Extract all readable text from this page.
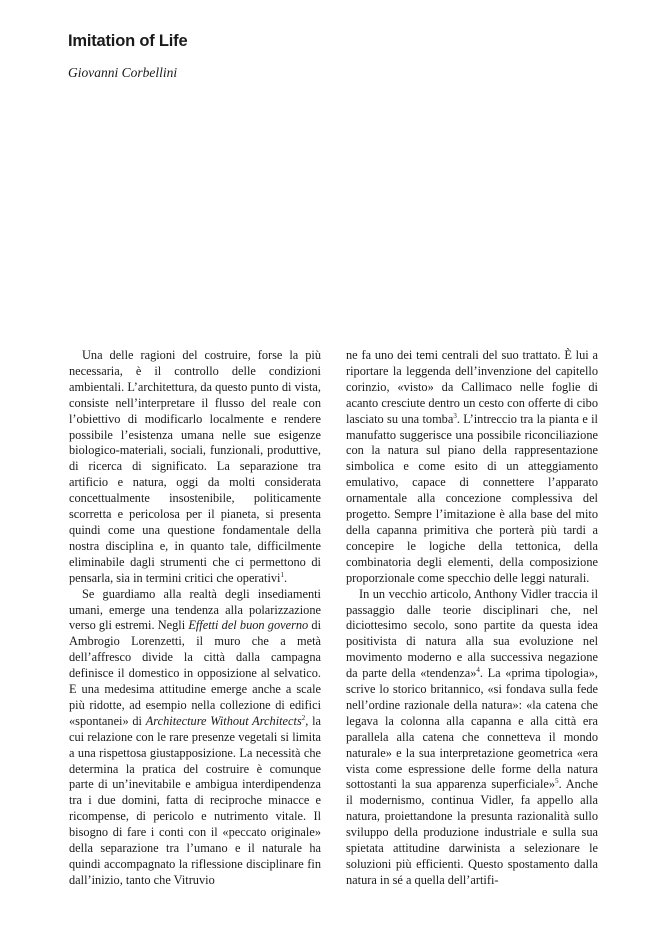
Imitation of Life

Giovanni Corbellini

Una delle ragioni del costruire, forse la più necessaria, è il controllo delle condizioni ambientali. L’architettura, da questo punto di vista, consiste nell’interpretare il flusso del reale con l’obiettivo di modificarlo localmente e rendere possibile l’esistenza umana nelle sue esigenze biologico-materiali, sociali, funzionali, produttive, di ricerca di significato. La separazione tra artificio e natura, oggi da molti considerata concettualmente insostenibile, politicamente scorretta e pericolosa per il pianeta, si presenta quindi come una questione fondamentale della nostra disciplina e, in quanto tale, difficilmente eliminabile dagli strumenti che ci permettono di pensarla, sia in termini critici che operativi$^1$.

Se guardiamo alla realtà degli insediamenti umani, emerge una tendenza alla polarizzazione verso gli estremi. Negli Effetti del buon governo di Ambrogio Lorenzetti, il muro che a metà dell’affresco divide la città dalla campagna definisce il domestico in opposizione al selvatico. E una medesima attitudine emerge anche a scale più ridotte, ad esempio nella collezione di edifici «spontanei» di Architecture Without Architects$^2$, la cui relazione con le rare presenze vegetali si limita a una rispettosa giustapposizione. La necessità che determina la pratica del costruire è comunque parte di un’inevitabile e ambigua interdipendenza tra i due domini, fatta di reciproche minacce e ricompense, di pericolo e nutrimento vitale. Il bisogno di fare i conti con il «peccato originale» della separazione tra l’umano e il naturale ha quindi accompagnato la riflessione disciplinare fin dall’inizio, tanto che Vitruvio

ne fa uno dei temi centrali del suo trattato. È lui a riportare la leggenda dell’invenzione del capitello corinzio, «visto» da Callimaco nelle foglie di acanto cresciute dentro un cesto con offerte di cibo lasciato su una tomba$^3$. L’intreccio tra la pianta e il manufatto suggerisce una possibile riconciliazione con la natura sul piano della rappresentazione simbolica e come esito di un atteggiamento emulativo, capace di connettere l’apparato ornamentale alla concezione complessiva del progetto. Sempre l’imitazione è alla base del mito della capanna primitiva che porterà più tardi a concepire le logiche della tettonica, della combinatoria degli elementi, della composizione proporzionale come specchio delle leggi naturali.

In un vecchio articolo, Anthony Vidler traccia il passaggio dalle teorie disciplinari che, nel diciottesimo secolo, sono partite da questa idea positivista di natura alla sua evoluzione nel movimento moderno e alla successiva negazione da parte della «tendenza»$^4$. La «prima tipologia», scrive lo storico britannico, «si fondava sulla fede nell’ordine razionale della natura»: «la catena che legava la colonna alla capanna e alla città era parallela alla catena che connetteva il mondo naturale» e la sua interpretazione geometrica «era vista come espressione delle forme della natura sottostanti la sua apparenza superficiale»$^5$. Anche il modernismo, continua Vidler, fa appello alla natura, proiettandone la presunta razionalità sullo sviluppo della produzione industriale e sulla sua spietata attitudine darwinista a selezionare le soluzioni più efficienti. Questo spostamento dalla natura in sé a quella dell’artifi-
